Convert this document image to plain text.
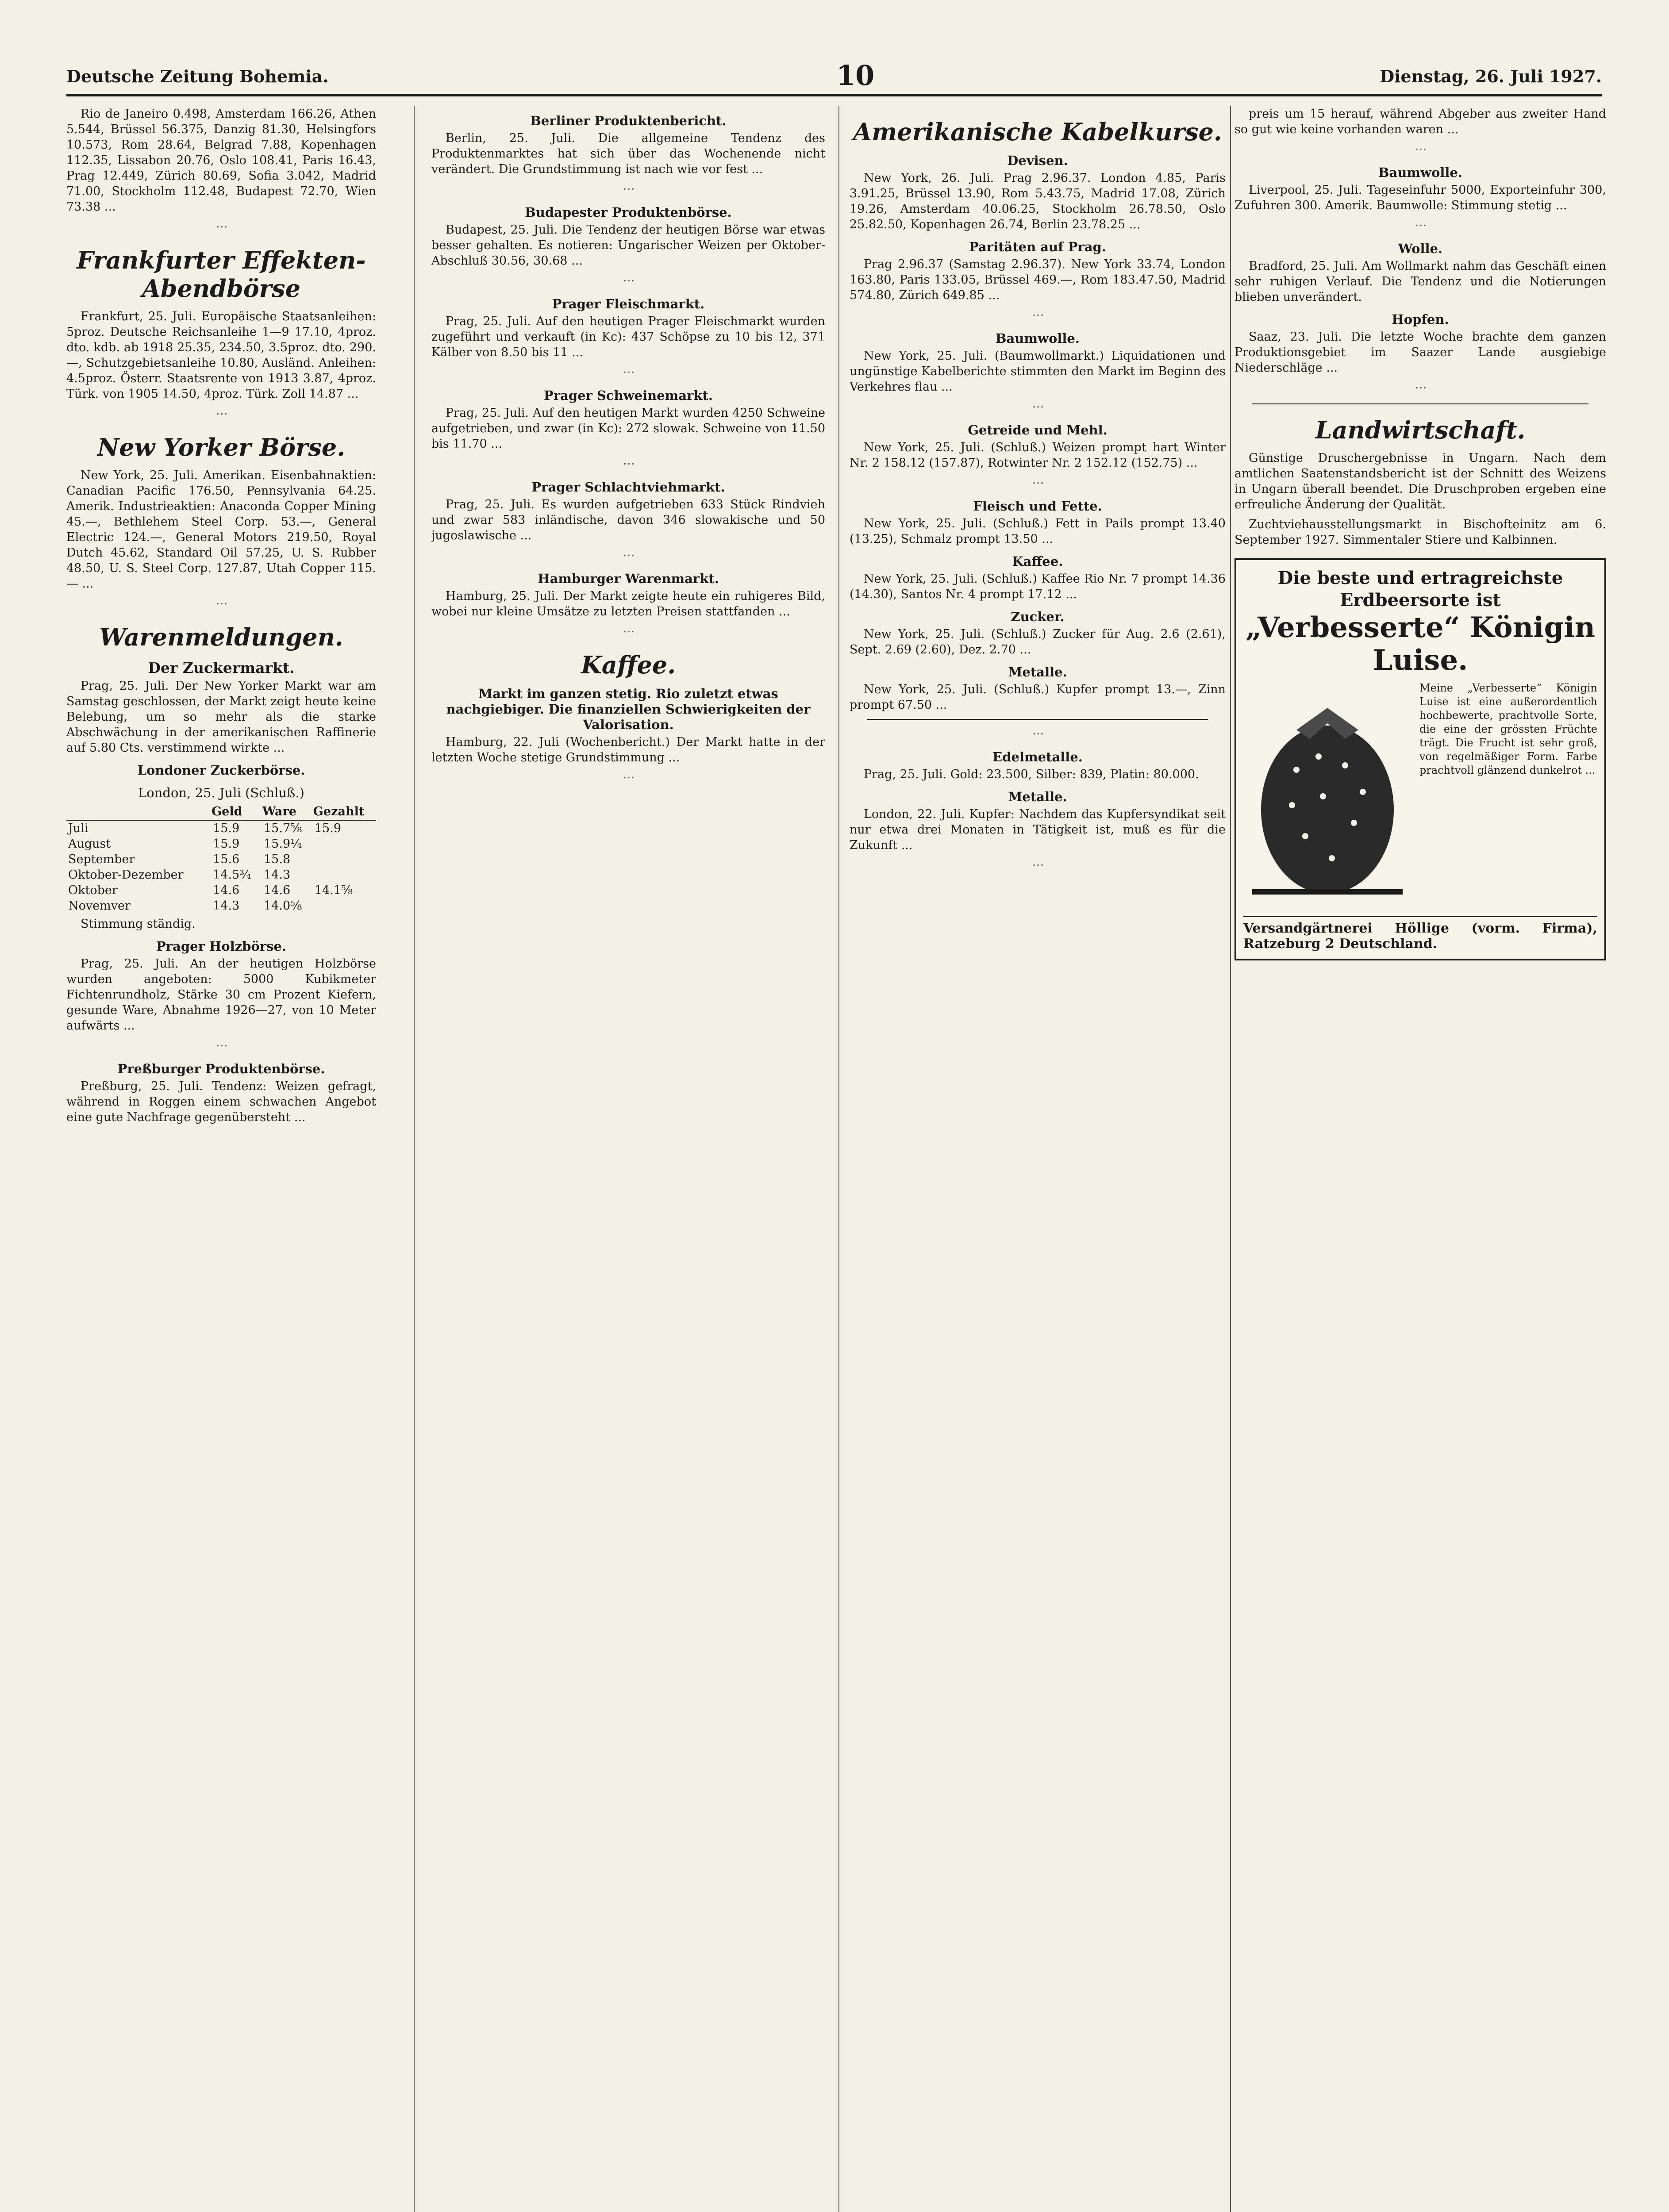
Deutsche Zeitung Bohemia.	10	Dienstag, 26. Juli 1927.

Rio de Janeiro 0.498, Amsterdam 166.26, Athen 5.544, Brüssel 56.375, Danzig 81.30, Helsingfors 10.573, Rom 28.64, Belgrad 7.88, Kopenhagen 112.35, Lissabon 20.76, Oslo 108.41, Paris 16.43, Prag 12.449, Zürich 80.69, Sofia 3.042, Madrid 71.00, Stockholm 112.48, Budapest 72.70, Wien 73.38 ...

⋯
Frankfurter Effekten-Abendbörse

Frankfurt, 25. Juli. Europäische Staatsanleihen: 5proz. Deutsche Reichsanleihe 1—9 17.10, 4proz. dto. kdb. ab 1918 25.35, 234.50, 3.5proz. dto. 290.—, Schutzgebietsanleihe 10.80, Ausländ. Anleihen: 4.5proz. Österr. Staatsrente von 1913 3.87, 4proz. Türk. von 1905 14.50, 4proz. Türk. Zoll 14.87 ...

⋯
New Yorker Börse.

New York, 25. Juli. Amerikan. Eisenbahnaktien: Canadian Pacific 176.50, Pennsylvania 64.25. Amerik. Industrieaktien: Anaconda Copper Mining 45.—, Bethlehem Steel Corp. 53.—, General Electric 124.—, General Motors 219.50, Royal Dutch 45.62, Standard Oil 57.25, U. S. Rubber 48.50, U. S. Steel Corp. 127.87, Utah Copper 115.— ...

⋯
Warenmeldungen.
Der Zuckermarkt.

Prag, 25. Juli. Der New Yorker Markt war am Samstag geschlossen, der Markt zeigt heute keine Belebung, um so mehr als die starke Abschwächung in der amerikanischen Raffinerie auf 5.80 Cts. verstimmend wirkte ...

Londoner Zuckerbörse.
London, 25. Juli (Schluß.)
	Geld	Ware	Gezahlt
Juli	15.9	15.7⅝	15.9
August	15.9	15.9¼	
September	15.6	15.8	
Oktober-Dezember	14.5¾	14.3	
Oktober	14.6	14.6	14.1⅝
Novemver	14.3	14.0⅝	

Stimmung ständig.

Prager Holzbörse.

Prag, 25. Juli. An der heutigen Holzbörse wurden angeboten: 5000 Kubikmeter Fichtenrundholz, Stärke 30 cm Prozent Kiefern, gesunde Ware, Abnahme 1926—27, von 10 Meter aufwärts ...

⋯
Preßburger Produktenbörse.

Preßburg, 25. Juli. Tendenz: Weizen gefragt, während in Roggen einem schwachen Angebot eine gute Nachfrage gegenübersteht ...

Berliner Produktenbericht.

Berlin, 25. Juli. Die allgemeine Tendenz des Produktenmarktes hat sich über das Wochenende nicht verändert. Die Grundstimmung ist nach wie vor fest ...

⋯
Budapester Produktenbörse.

Budapest, 25. Juli. Die Tendenz der heutigen Börse war etwas besser gehalten. Es notieren: Ungarischer Weizen per Oktober-Abschluß 30.56, 30.68 ...

⋯
Prager Fleischmarkt.

Prag, 25. Juli. Auf den heutigen Prager Fleischmarkt wurden zugeführt und verkauft (in Kc): 437 Schöpse zu 10 bis 12, 371 Kälber von 8.50 bis 11 ...

⋯
Prager Schweinemarkt.

Prag, 25. Juli. Auf den heutigen Markt wurden 4250 Schweine aufgetrieben, und zwar (in Kc): 272 slowak. Schweine von 11.50 bis 11.70 ...

⋯
Prager Schlachtviehmarkt.

Prag, 25. Juli. Es wurden aufgetrieben 633 Stück Rindvieh und zwar 583 inländische, davon 346 slowakische und 50 jugoslawische ...

⋯
Hamburger Warenmarkt.

Hamburg, 25. Juli. Der Markt zeigte heute ein ruhigeres Bild, wobei nur kleine Umsätze zu letzten Preisen stattfanden ...

⋯
Kaffee.
Markt im ganzen stetig. Rio zuletzt etwas nachgiebiger. Die finanziellen Schwierigkeiten der Valorisation.

Hamburg, 22. Juli (Wochenbericht.) Der Markt hatte in der letzten Woche stetige Grundstimmung ...

⋯
Amerikanische Kabelkurse.
Devisen.

New York, 26. Juli. Prag 2.96.37. London 4.85, Paris 3.91.25, Brüssel 13.90, Rom 5.43.75, Madrid 17.08, Zürich 19.26, Amsterdam 40.06.25, Stockholm 26.78.50, Oslo 25.82.50, Kopenhagen 26.74, Berlin 23.78.25 ...

Paritäten auf Prag.

Prag 2.96.37 (Samstag 2.96.37). New York 33.74, London 163.80, Paris 133.05, Brüssel 469.—, Rom 183.47.50, Madrid 574.80, Zürich 649.85 ...

⋯
Baumwolle.

New York, 25. Juli. (Baumwollmarkt.) Liquidationen und ungünstige Kabelberichte stimmten den Markt im Beginn des Verkehres flau ...

⋯
Getreide und Mehl.

New York, 25. Juli. (Schluß.) Weizen prompt hart Winter Nr. 2 158.12 (157.87), Rotwinter Nr. 2 152.12 (152.75) ...

⋯
Fleisch und Fette.

New York, 25. Juli. (Schluß.) Fett in Pails prompt 13.40 (13.25), Schmalz prompt 13.50 ...

Kaffee.

New York, 25. Juli. (Schluß.) Kaffee Rio Nr. 7 prompt 14.36 (14.30), Santos Nr. 4 prompt 17.12 ...

Zucker.

New York, 25. Juli. (Schluß.) Zucker für Aug. 2.6 (2.61), Sept. 2.69 (2.60), Dez. 2.70 ...

Metalle.

New York, 25. Juli. (Schluß.) Kupfer prompt 13.—, Zinn prompt 67.50 ...

⋯
Edelmetalle.

Prag, 25. Juli. Gold: 23.500, Silber: 839, Platin: 80.000.

Metalle.

London, 22. Juli. Kupfer: Nachdem das Kupfersyndikat seit nur etwa drei Monaten in Tätigkeit ist, muß es für die Zukunft ...

⋯

preis um 15 herauf, während Abgeber aus zweiter Hand so gut wie keine vorhanden waren ...

⋯
Baumwolle.

Liverpool, 25. Juli. Tageseinfuhr 5000, Exporteinfuhr 300, Zufuhren 300. Amerik. Baumwolle: Stimmung stetig ...

⋯
Wolle.

Bradford, 25. Juli. Am Wollmarkt nahm das Geschäft einen sehr ruhigen Verlauf. Die Tendenz und die Notierungen blieben unverändert.

Hopfen.

Saaz, 23. Juli. Die letzte Woche brachte dem ganzen Produktionsgebiet im Saazer Lande ausgiebige Niederschläge ...

⋯
Landwirtschaft.

Günstige Druschergebnisse in Ungarn. Nach dem amtlichen Saatenstandsbericht ist der Schnitt des Weizens in Ungarn überall beendet. Die Druschproben ergeben eine erfreuliche Änderung der Qualität.

Zuchtviehausstellungsmarkt in Bischofteinitz am 6. September 1927. Simmentaler Stiere und Kalbinnen.

Die beste und ertragreichste Erdbeersorte ist
„Verbesserte“ Königin Luise.
Meine „Verbesserte“ Königin Luise ist eine außerordentlich hochbewerte, prachtvolle Sorte, die eine der grössten Früchte trägt. Die Frucht ist sehr groß, von regelmäßiger Form. Farbe prachtvoll glänzend dunkelrot ...
Versandgärtnerei Höllige (vorm. Firma), Ratzeburg 2 Deutschland.
